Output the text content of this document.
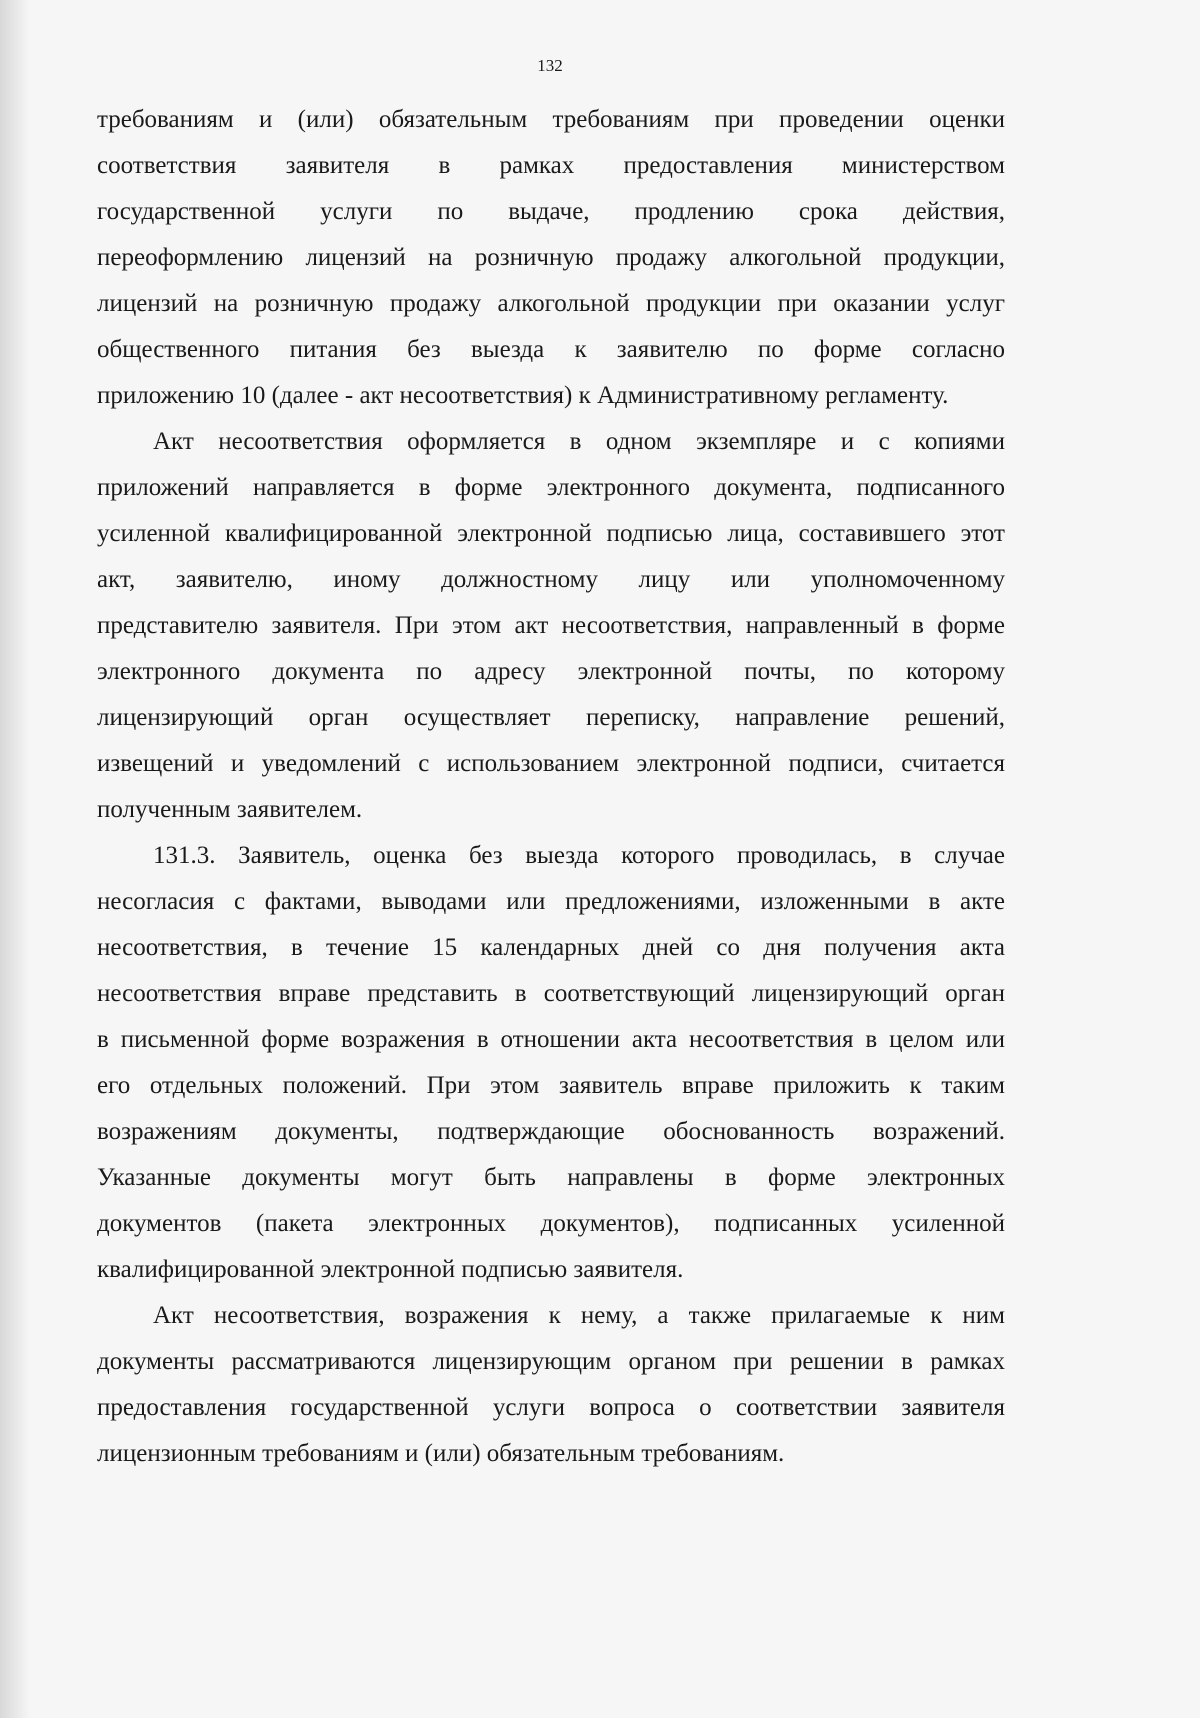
132
требованиям и (или) обязательным требованиям при проведении оценки
соответствия заявителя в рамках предоставления министерством
государственной услуги по выдаче, продлению срока действия,
переоформлению лицензий на розничную продажу алкогольной продукции,
лицензий на розничную продажу алкогольной продукции при оказании услуг
общественного питания без выезда к заявителю по форме согласно
приложению 10 (далее - акт несоответствия) к Административному регламенту.
Акт несоответствия оформляется в одном экземпляре и с копиями
приложений направляется в форме электронного документа, подписанного
усиленной квалифицированной электронной подписью лица, составившего этот
акт, заявителю, иному должностному лицу или уполномоченному
представителю заявителя. При этом акт несоответствия, направленный в форме
электронного документа по адресу электронной почты, по которому
лицензирующий орган осуществляет переписку, направление решений,
извещений и уведомлений с использованием электронной подписи, считается
полученным заявителем.
131.3. Заявитель, оценка без выезда которого проводилась, в случае
несогласия с фактами, выводами или предложениями, изложенными в акте
несоответствия, в течение 15 календарных дней со дня получения акта
несоответствия вправе представить в соответствующий лицензирующий орган
в письменной форме возражения в отношении акта несоответствия в целом или
его отдельных положений. При этом заявитель вправе приложить к таким
возражениям документы, подтверждающие обоснованность возражений.
Указанные документы могут быть направлены в форме электронных
документов (пакета электронных документов), подписанных усиленной
квалифицированной электронной подписью заявителя.
Акт несоответствия, возражения к нему, а также прилагаемые к ним
документы рассматриваются лицензирующим органом при решении в рамках
предоставления государственной услуги вопроса о соответствии заявителя
лицензионным требованиям и (или) обязательным требованиям.
